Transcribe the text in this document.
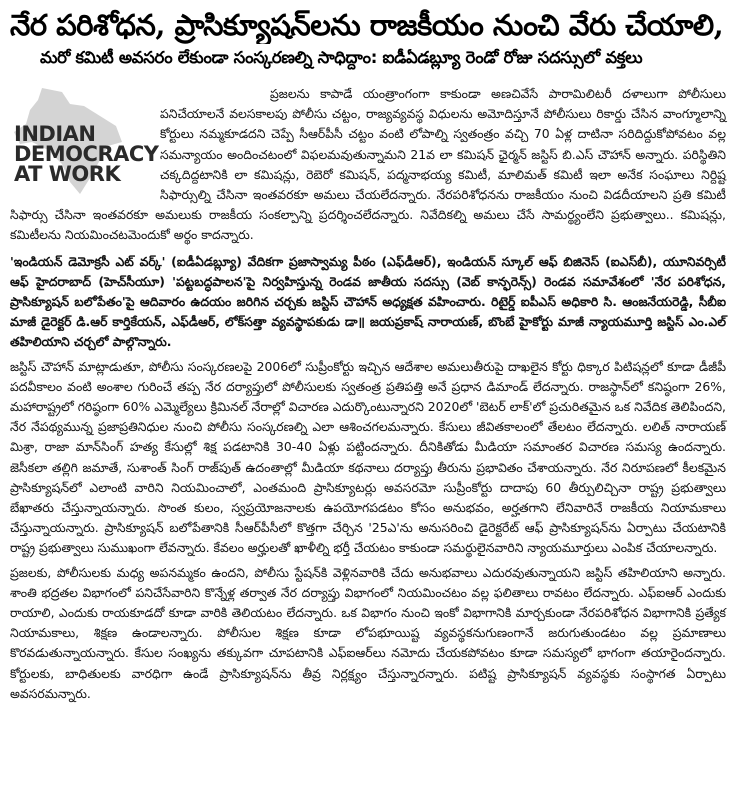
నేర పరిశోధన, ప్రాసిక్యూషన్‌లను రాజకీయం నుంచి వేరు చేయాలి,
మరో కమిటీ అవసరం లేకుండా సంస్కరణల్ని సాధిద్దాం: ఐడీఏడబ్ల్యూ రెండో రోజు సదస్సులో వక్తలు
INDIAN
DEMOCRACY
AT WORK

ప్రజలను కాపాడే యంత్రాంగంగా కాకుండా అణచివేసే పారామిలిటరీ దళాలుగా పోలీసులు పనిచేయాలనే వలసకాలపు పోలీసు చట్టం, రాజ్యవ్యవస్థ విధులను అమోదిస్తూనే పోలీసులు రికార్డు చేసిన వాంగ్మూలాన్ని కోర్టులు నమ్మకూడదని చెప్పే సీఆర్‌పీసీ చట్టం వంటి లోపాల్ని స్వతంత్రం వచ్చి 70 ఏళ్ల దాటినా సరిదిద్దుకోపోవటం వల్ల సమన్యాయం అందించటంలో విఫలమవుతున్నామని 21వ లా కమిషన్ ఛైర్మన్ జస్టిస్ బి.ఎస్ చౌహాన్ అన్నారు. పరిస్థితిని చక్కదిద్దటానికి లా కమిషన్లు, రెబెరో కమిషన్, పద్మనాభయ్య కమిటీ, మాలిమత్ కమిటీ ఇలా అనేక సంఘాలు నిర్దిష్ట సిఫార్సుల్ని చేసినా ఇంతవరకూ అమలు చేయలేదన్నారు. నేరపరిశోధనను రాజకీయం నుంచి విడదీయాలని ప్రతి కమిటీ సిఫార్సు చేసినా ఇంతవరకూ అమలుకు రాజకీయ సంకల్పాన్ని ప్రదర్శించలేదన్నారు. నివేదికల్ని అమలు చేసే సామర్థ్యంలేని ప్రభుత్వాలు.. కమిషన్లు, కమిటీలను నియమించటమెందుకో అర్థం కాదన్నారు.

'ఇండియన్ డెమోక్రసీ ఎట్ వర్క్' (ఐడీఏడబ్ల్యూ) వేదికగా ప్రజాస్వామ్య పీఠం (ఎఫ్‌డీఆర్), ఇండియన్ స్కూల్ ఆఫ్ బిజినెస్ (ఐఎస్‌బీ), యూనివర్సిటీ ఆఫ్ హైదరాబాద్ (హెచ్‌సీయూ) 'పట్టబద్ధపాలన'పై నిర్వహిస్తున్న రెండవ జాతీయ సదస్సు (వెబ్ కాన్ఫరెన్స్) రెండవ సమావేశంలో 'నేర పరిశోధన, ప్రాసిక్యూషన్ బలోపేతం'పై ఆదివారం ఉదయం జరిగిన చర్చకు జస్టిస్ చౌహాన్ అధ్యక్షత వహించారు. రిటైర్డ్ ఐపీఎస్ అధికారి సి. ఆంజనేయరెడ్డి, సీబీఐ మాజీ డైరెక్టర్ డి.ఆర్ కార్తికేయన్, ఎఫ్‌డీఆర్, లోక్‌సత్తా వ్యవస్థాపకుడు డా॥ జయప్రకాష్ నారాయణ్, బొంబే హైకోర్టు మాజీ న్యాయమూర్తి జస్టిస్ ఎం.ఎల్ తహిలియాని చర్చలో పాల్గొన్నారు.

జస్టిస్ చౌహాన్ మాట్లాడుతూ, పోలీసు సంస్కరణలపై 2006లో సుప్రీంకోర్టు ఇచ్చిన ఆదేశాల అమలుతీరుపై దాఖలైన కోర్టు ధిక్కార పిటిషన్లలో కూడా డీజీపీ పదవీకాలం వంటి అంశాల గురించే తప్ప నేర దర్యాప్తులో పోలీసులకు స్వతంత్ర ప్రతిపత్తి అనే ప్రధాన డిమాండ్ లేదన్నారు. రాజస్థాన్‌లో కనిష్ఠంగా 26%, మహారాష్ట్రలో గరిష్ఠంగా 60% ఎమ్మెల్యేలు క్రిమినల్ నేరాల్లో విచారణ ఎదుర్కొంటున్నారని 2020లో 'బెటర్ లాక్'లో ప్రచురితమైన ఒక నివేదిక తెలిపిందని, నేర నేపథ్యమున్న ప్రజాప్రతినిధుల నుంచి పోలీసు సంస్కరణల్ని ఎలా ఆశించగలమన్నారు. కేసులు జీవితకాలంలో తేలటం లేదన్నారు. లలిత్ నారాయణ్ మిశ్రా, రాజా మాన్‌సింగ్ హత్య కేసుల్లో శిక్ష పడటానికి 30-40 ఏళ్లు పట్టిందన్నారు. దీనికితోడు మీడియా సమాంతర విచారణ సమస్య ఉందన్నారు. జెసీకలా తల్లిగి జమాతే, సుశాంత్ సింగ్ రాజ్‌పుత్ ఉదంతాల్లో మీడియా కథనాలు దర్యాప్తు తీరును ప్రభావితం చేశాయన్నారు. నేర నిరూపణలో కీలకమైన ప్రాసిక్యూషన్‌లో ఎలాంటి వారిని నియమించాలో, ఎంతమంది ప్రాసిక్యూటర్లు అవసరమో సుప్రీంకోర్టు దాదాపు 60 తీర్పులిచ్చినా రాష్ట్ర ప్రభుత్వాలు బేఖాతరు చేస్తున్నాయన్నారు. సొంత కులం, స్వప్రయోజనాలకు ఉపయోగపడటం కోసం అనుభవం, అర్హతగాని లేనివారినే రాజకీయ నియామకాలు చేస్తున్నాయన్నారు. ప్రాసిక్యూషన్ బలోపేతానికి సీఆర్‌పీసీలో కొత్తగా చేర్చిన '25ఎ'ను అనుసరించి డైరెక్టరేట్ ఆఫ్ ప్రాసిక్యూషన్‌ను ఏర్పాటు చేయటానికి రాష్ట్ర ప్రభుత్వాలు సుముఖంగా లేవన్నారు. కేవలం అర్హులతో ఖాళీల్ని భర్తీ చేయటం కాకుండా సమర్థులైనవారిని న్యాయమూర్తులు ఎంపిక చేయాలన్నారు.

ప్రజలకు, పోలీసులకు మధ్య అపనమ్మకం ఉందని, పోలీసు స్టేషన్‌కి వెళ్లినవారికి చేదు అనుభవాలు ఎదురవుతున్నాయని జస్టిస్ తహిలియాని అన్నారు. శాంతి భద్రతల విభాగంలో పనిచేసేవారిని కొన్నేళ్ల తర్వాత నేర దర్యాప్తు విభాగంలో నియమించటం వల్ల ఫలితాలు రావటం లేదన్నారు. ఎఫ్ఐఆర్ ఎందుకు రాయాలి, ఎందుకు రాయకూడదో కూడా వారికి తెలియటం లేదన్నారు. ఒక విభాగం నుంచి ఇంకో విభాగానికి మార్చకుండా నేరపరిశోధన విభాగానికి ప్రత్యేక నియామకాలు, శిక్షణ ఉండాలన్నారు. పోలీసుల శిక్షణ కూడా లోపభూయిష్ట వ్యవస్థకనుగుణంగానే జరుగుతుండటం వల్ల ప్రమాణాలు కొరవడుతున్నాయన్నారు. కేసుల సంఖ్యను తక్కువగా చూపటానికి ఎఫ్ఐఆర్‌లు నమోదు చేయకపోవటం కూడా సమస్యలో భాగంగా తయారైందన్నారు. కోర్టులకు, బాధితులకు వారధిగా ఉండే ప్రాసిక్యూషన్‌ను తీవ్ర నిర్లక్ష్యం చేస్తున్నారన్నారు. పటిష్ట ప్రాసిక్యూషన్ వ్యవస్థకు సంస్థాగత ఏర్పాటు అవసరమన్నారు.
